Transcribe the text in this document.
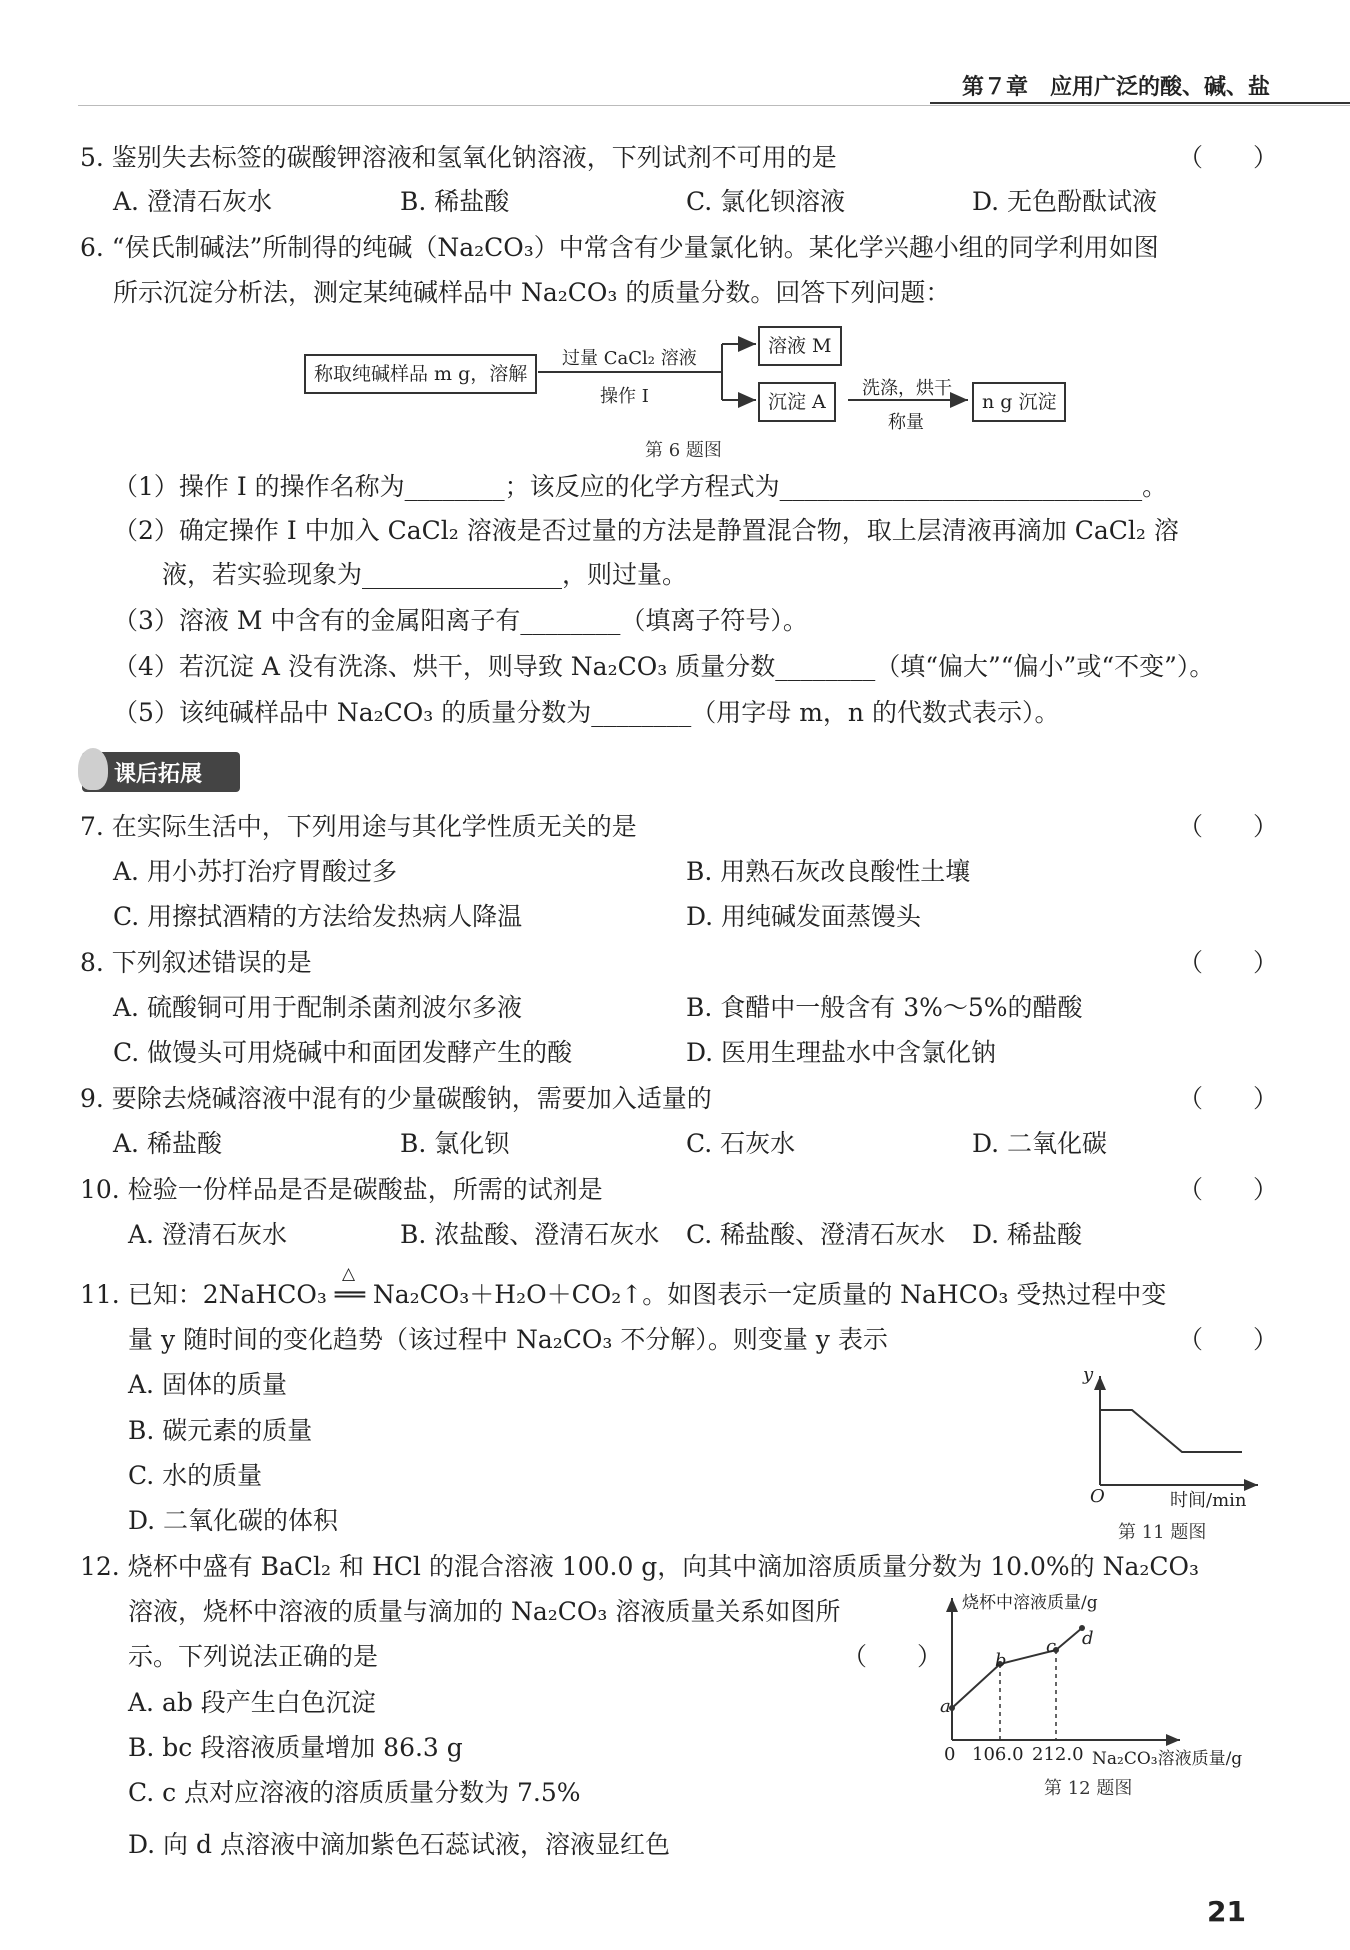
第７章　应用广泛的酸、碱、盐
5. 鉴别失去标签的碳酸钾溶液和氢氧化钠溶液，下列试剂不可用的是	（　　）
A. 澄清石灰水	B. 稀盐酸	C. 氯化钡溶液	D. 无色酚酞试液
6. “侯氏制碱法”所制得的纯碱（Na₂CO₃）中常含有少量氯化钠。某化学兴趣小组的同学利用如图
所示沉淀分析法，测定某纯碱样品中 Na₂CO₃ 的质量分数。回答下列问题：
称取纯碱样品 m g，溶解
过量 CaCl₂ 溶液
操作 Ⅰ
溶液 M
沉淀 A
洗涤，烘干
称量
n g 沉淀
第 6 题图
（1）操作 Ⅰ 的操作名称为________；该反应的化学方程式为_____________________________。
（2）确定操作 Ⅰ 中加入 CaCl₂ 溶液是否过量的方法是静置混合物，取上层清液再滴加 CaCl₂ 溶
液，若实验现象为________________，则过量。
（3）溶液 M 中含有的金属阳离子有________（填离子符号）。
（4）若沉淀 A 没有洗涤、烘干，则导致 Na₂CO₃ 质量分数________（填“偏大”“偏小”或“不变”）。
（5）该纯碱样品中 Na₂CO₃ 的质量分数为________（用字母 m，n 的代数式表示）。
课后拓展
7. 在实际生活中，下列用途与其化学性质无关的是	（　　）
A. 用小苏打治疗胃酸过多	B. 用熟石灰改良酸性土壤
C. 用擦拭酒精的方法给发热病人降温	D. 用纯碱发面蒸馒头
8. 下列叙述错误的是	（　　）
A. 硫酸铜可用于配制杀菌剂波尔多液	B. 食醋中一般含有 3%～5%的醋酸
C. 做馒头可用烧碱中和面团发酵产生的酸	D. 医用生理盐水中含氯化钠
9. 要除去烧碱溶液中混有的少量碳酸钠，需要加入适量的	（　　）
A. 稀盐酸	B. 氯化钡	C. 石灰水	D. 二氧化碳
10. 检验一份样品是否是碳酸盐，所需的试剂是	（　　）
A. 澄清石灰水	B. 浓盐酸、澄清石灰水 C. 稀盐酸、澄清石灰水 D. 稀盐酸
△
11. 已知：2NaHCO₃ ══ Na₂CO₃＋H₂O＋CO₂↑。如图表示一定质量的 NaHCO₃ 受热过程中变
量 y 随时间的变化趋势（该过程中 Na₂CO₃ 不分解）。则变量 y 表示	（　　）
A. 固体的质量
B. 碳元素的质量
C. 水的质量
D. 二氧化碳的体积
y
O	时间/min
第 11 题图
12. 烧杯中盛有 BaCl₂ 和 HCl 的混合溶液 100.0 g，向其中滴加溶质质量分数为 10.0%的 Na₂CO₃
溶液，烧杯中溶液的质量与滴加的 Na₂CO₃ 溶液质量关系如图所
示。下列说法正确的是	（　　）
A. ab 段产生白色沉淀
B. bc 段溶液质量增加 86.3 g
C. c 点对应溶液的溶质质量分数为 7.5%
D. 向 d 点溶液中滴加紫色石蕊试液，溶液显红色
烧杯中溶液质量/g
a
b
c d
0 106.0 212.0 Na₂CO₃溶液质量/g
第 12 题图
21
